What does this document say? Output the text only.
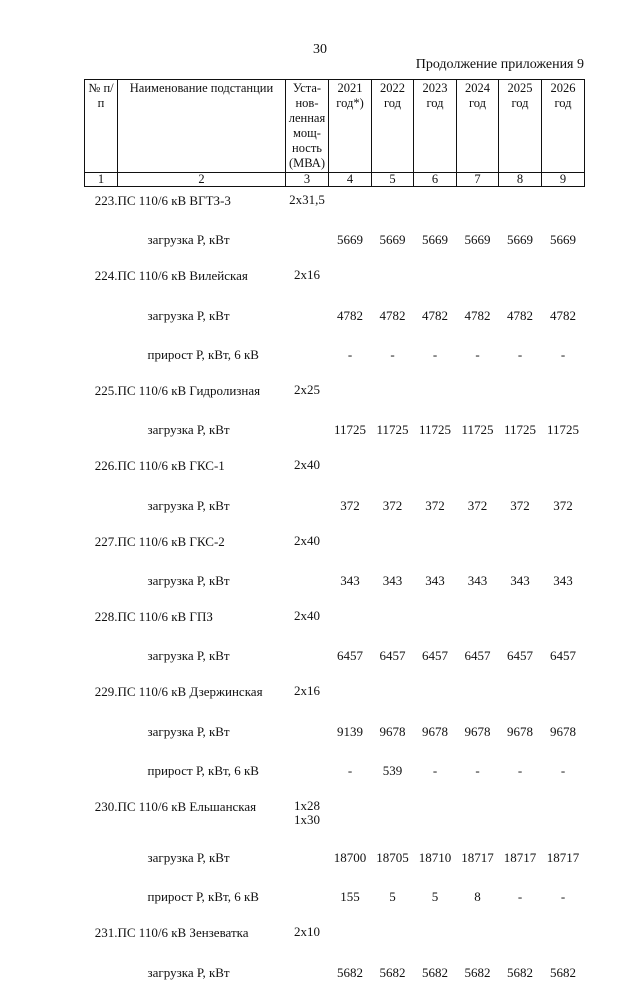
30
Продолжение приложения 9
№ п/п	Наименование подстанции	Уста-нов-ленная мощ-ность (МВА)	2021 год*)	2022 год	2023 год	2024 год	2025 год	2026 год
1	2	3	4	5	6	7	8	9
223.	ПС 110/6 кВ ВГТЗ-3	2х31,5						

	загрузка Р, кВт		5669	5669	5669	5669	5669	5669
224.	ПС 110/6 кВ Вилейская	2х16						

	загрузка Р, кВт		4782	4782	4782	4782	4782	4782
	прирост Р, кВт, 6 кВ		-	-	-	-	-	-
225.	ПС 110/6 кВ Гидролизная	2х25						

	загрузка Р, кВт		11725	11725	11725	11725	11725	11725
226.	ПС 110/6 кВ ГКС-1	2х40						

	загрузка Р, кВт		372	372	372	372	372	372
227.	ПС 110/6 кВ ГКС-2	2х40						

	загрузка Р, кВт		343	343	343	343	343	343
228.	ПС 110/6 кВ ГПЗ	2х40						

	загрузка Р, кВт		6457	6457	6457	6457	6457	6457
229.	ПС 110/6 кВ Дзержинская	2х16						

	загрузка Р, кВт		9139	9678	9678	9678	9678	9678
	прирост Р, кВт, 6 кВ		-	539	-	-	-	-
230.	ПС 110/6 кВ Ельшанская	1х28
1х30						

	загрузка Р, кВт		18700	18705	18710	18717	18717	18717
	прирост Р, кВт, 6 кВ		155	5	5	8	-	-
231.	ПС 110/6 кВ Зензеватка	2х10						

	загрузка Р, кВт		5682	5682	5682	5682	5682	5682
